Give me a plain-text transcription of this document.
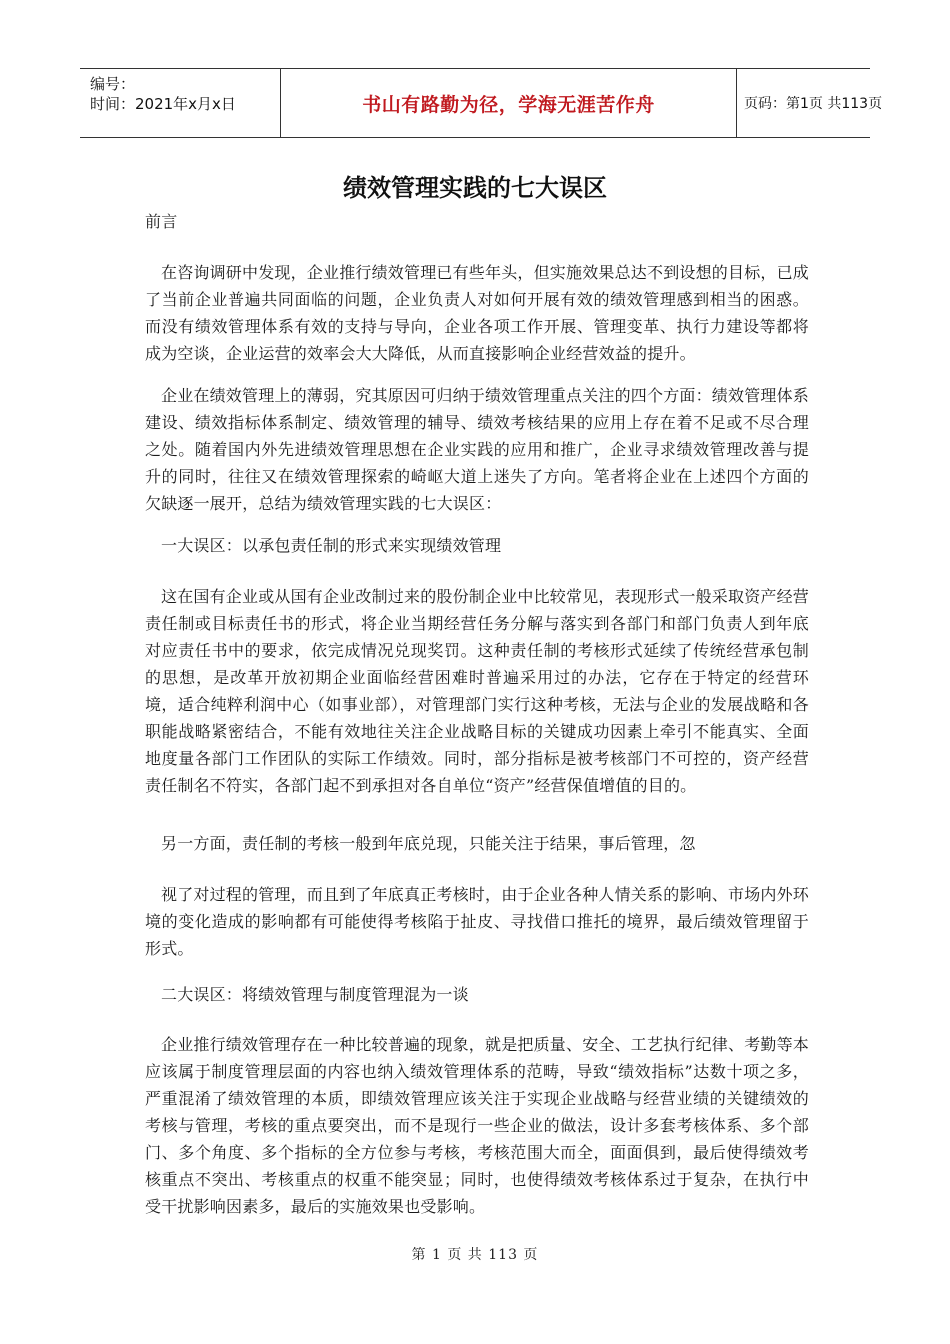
编号：
时间：2021年x月x日	书山有路勤为径，学海无涯苦作舟	页码：第1页 共113页
绩效管理实践的七大误区

前言

在咨询调研中发现，企业推行绩效管理已有些年头，但实施效果总达不到设想的目标，已成了当前企业普遍共同面临的问题，企业负责人对如何开展有效的绩效管理感到相当的困惑。而没有绩效管理体系有效的支持与导向，企业各项工作开展、管理变革、执行力建设等都将成为空谈，企业运营的效率会大大降低，从而直接影响企业经营效益的提升。

企业在绩效管理上的薄弱，究其原因可归纳于绩效管理重点关注的四个方面：绩效管理体系建设、绩效指标体系制定、绩效管理的辅导、绩效考核结果的应用上存在着不足或不尽合理之处。随着国内外先进绩效管理思想在企业实践的应用和推广，企业寻求绩效管理改善与提升的同时，往往又在绩效管理探索的崎岖大道上迷失了方向。笔者将企业在上述四个方面的欠缺逐一展开，总结为绩效管理实践的七大误区：

一大误区：以承包责任制的形式来实现绩效管理

这在国有企业或从国有企业改制过来的股份制企业中比较常见，表现形式一般采取资产经营责任制或目标责任书的形式，将企业当期经营任务分解与落实到各部门和部门负责人到年底对应责任书中的要求，依完成情况兑现奖罚。这种责任制的考核形式延续了传统经营承包制的思想，是改革开放初期企业面临经营困难时普遍采用过的办法，它存在于特定的经营环境，适合纯粹利润中心（如事业部），对管理部门实行这种考核，无法与企业的发展战略和各职能战略紧密结合，不能有效地往关注企业战略目标的关键成功因素上牵引不能真实、全面地度量各部门工作团队的实际工作绩效。同时，部分指标是被考核部门不可控的，资产经营责任制名不符实，各部门起不到承担对各自单位“资产”经营保值增值的目的。

另一方面，责任制的考核一般到年底兑现，只能关注于结果，事后管理，忽

视了对过程的管理，而且到了年底真正考核时，由于企业各种人情关系的影响、市场内外环境的变化造成的影响都有可能使得考核陷于扯皮、寻找借口推托的境界，最后绩效管理留于形式。

二大误区：将绩效管理与制度管理混为一谈

企业推行绩效管理存在一种比较普遍的现象，就是把质量、安全、工艺执行纪律、考勤等本应该属于制度管理层面的内容也纳入绩效管理体系的范畴，导致“绩效指标”达数十项之多，严重混淆了绩效管理的本质，即绩效管理应该关注于实现企业战略与经营业绩的关键绩效的考核与管理，考核的重点要突出，而不是现行一些企业的做法，设计多套考核体系、多个部门、多个角度、多个指标的全方位参与考核，考核范围大而全，面面俱到，最后使得绩效考核重点不突出、考核重点的权重不能突显；同时，也使得绩效考核体系过于复杂，在执行中受干扰影响因素多，最后的实施效果也受影响。

第 1 页 共 113 页
